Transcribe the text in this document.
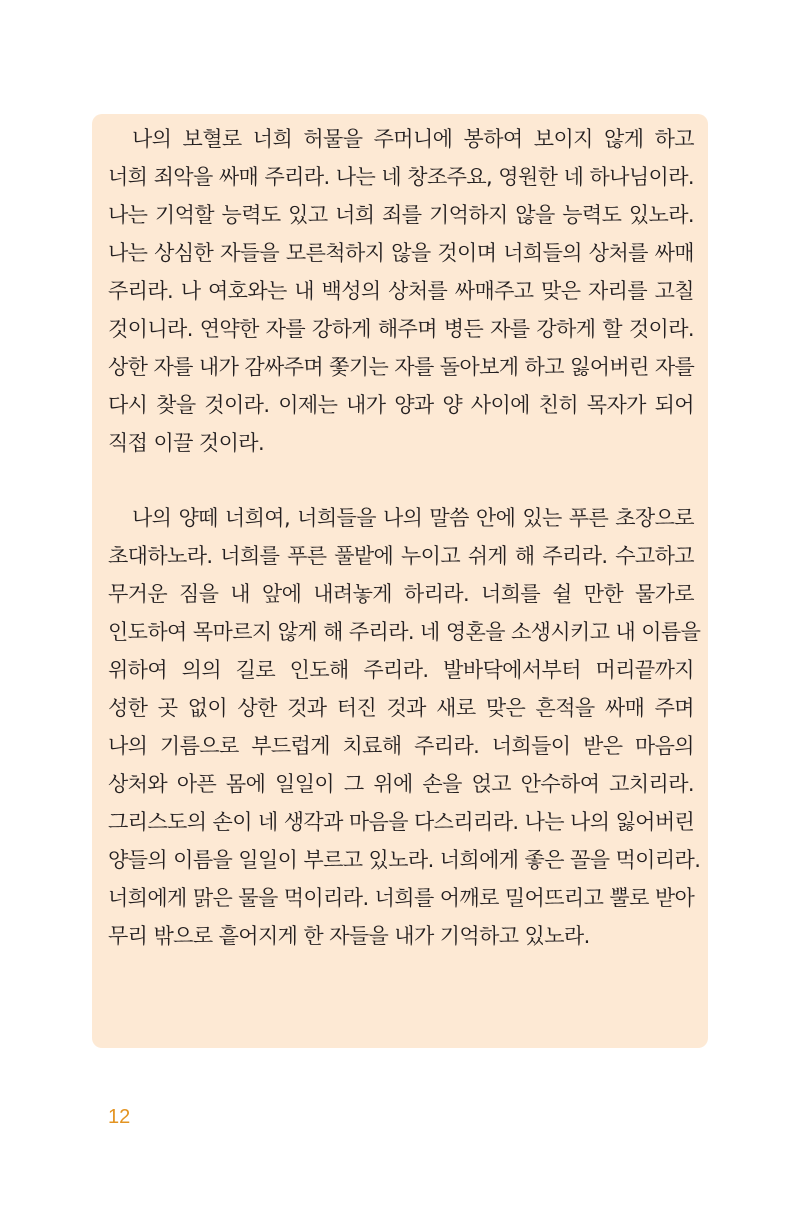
나의 보혈로 너희 허물을 주머니에 봉하여 보이지 않게 하고
너희 죄악을 싸매 주리라. 나는 네 창조주요, 영원한 네 하나님이라.
나는 기억할 능력도 있고 너희 죄를 기억하지 않을 능력도 있노라.
나는 상심한 자들을 모른척하지 않을 것이며 너희들의 상처를 싸매
주리라. 나 여호와는 내 백성의 상처를 싸매주고 맞은 자리를 고칠
것이니라. 연약한 자를 강하게 해주며 병든 자를 강하게 할 것이라.
상한 자를 내가 감싸주며 쫓기는 자를 돌아보게 하고 잃어버린 자를
다시 찾을 것이라. 이제는 내가 양과 양 사이에 친히 목자가 되어
직접 이끌 것이라.
나의 양떼 너희여, 너희들을 나의 말씀 안에 있는 푸른 초장으로
초대하노라. 너희를 푸른 풀밭에 누이고 쉬게 해 주리라. 수고하고
무거운 짐을 내 앞에 내려놓게 하리라. 너희를 쉴 만한 물가로
인도하여 목마르지 않게 해 주리라. 네 영혼을 소생시키고 내 이름을
위하여 의의 길로 인도해 주리라. 발바닥에서부터 머리끝까지
성한 곳 없이 상한 것과 터진 것과 새로 맞은 흔적을 싸매 주며
나의 기름으로 부드럽게 치료해 주리라. 너희들이 받은 마음의
상처와 아픈 몸에 일일이 그 위에 손을 얹고 안수하여 고치리라.
그리스도의 손이 네 생각과 마음을 다스리리라. 나는 나의 잃어버린
양들의 이름을 일일이 부르고 있노라. 너희에게 좋은 꼴을 먹이리라.
너희에게 맑은 물을 먹이리라. 너희를 어깨로 밀어뜨리고 뿔로 받아
무리 밖으로 흩어지게 한 자들을 내가 기억하고 있노라.
12
